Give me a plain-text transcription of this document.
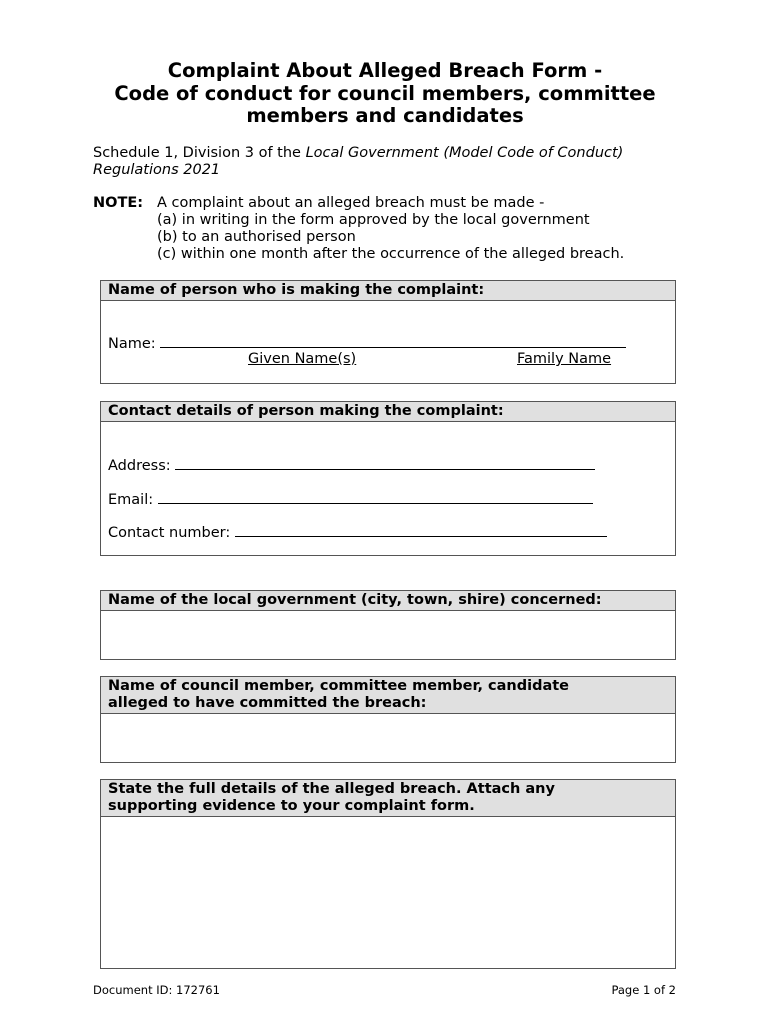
Complaint About Alleged Breach Form -
Code of conduct for council members, committee
members and candidates
Schedule 1, Division 3 of the Local Government (Model Code of Conduct)
Regulations 2021
NOTE: A complaint about an alleged breach must be made -
(a) in writing in the form approved by the local government
(b) to an authorised person
(c) within one month after the occurrence of the alleged breach.
Name of person who is making the complaint:
Name:
Given Name(s)	Family Name
Contact details of person making the complaint:
Address:
Email:
Contact number:
Name of the local government (city, town, shire) concerned:
Name of council member, committee member, candidate
alleged to have committed the breach:
State the full details of the alleged breach. Attach any
supporting evidence to your complaint form.
Document ID: 172761	Page 1 of 2
